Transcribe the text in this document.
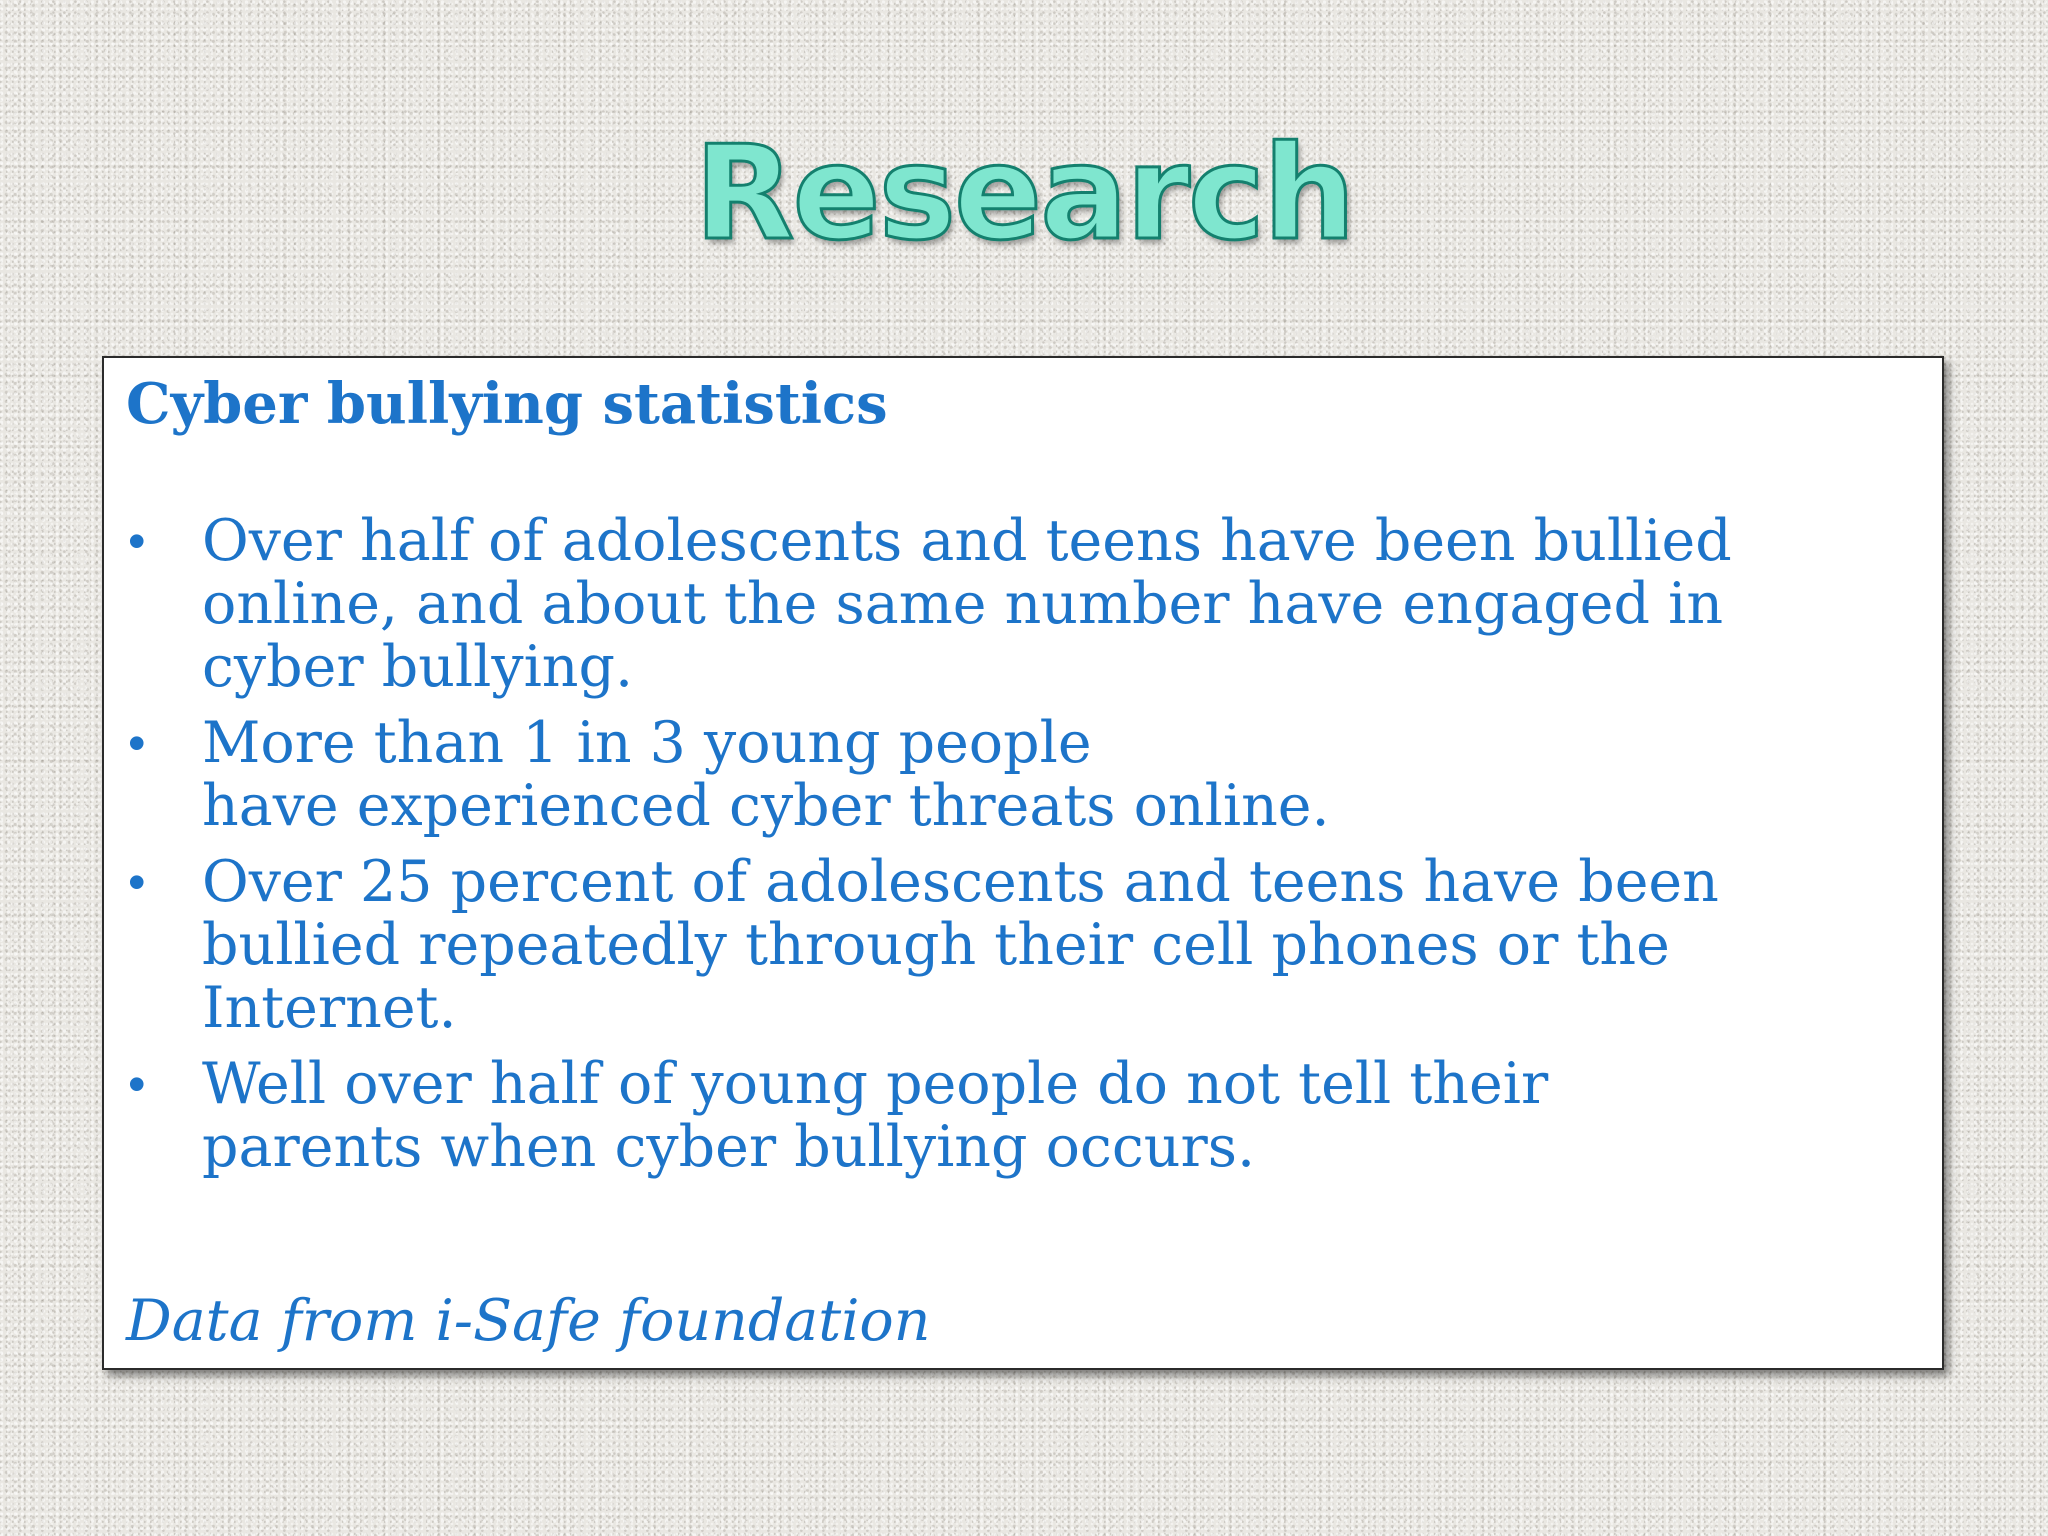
Research
Cyber bullying statistics
• Over half of adolescents and teens have been bullied
online, and about the same number have engaged in
cyber bullying.
• More than 1 in 3 young people
have experienced cyber threats online.
• Over 25 percent of adolescents and teens have been
bullied repeatedly through their cell phones or the
Internet.
• Well over half of young people do not tell their
parents when cyber bullying occurs.

Data from i-Safe foundation
